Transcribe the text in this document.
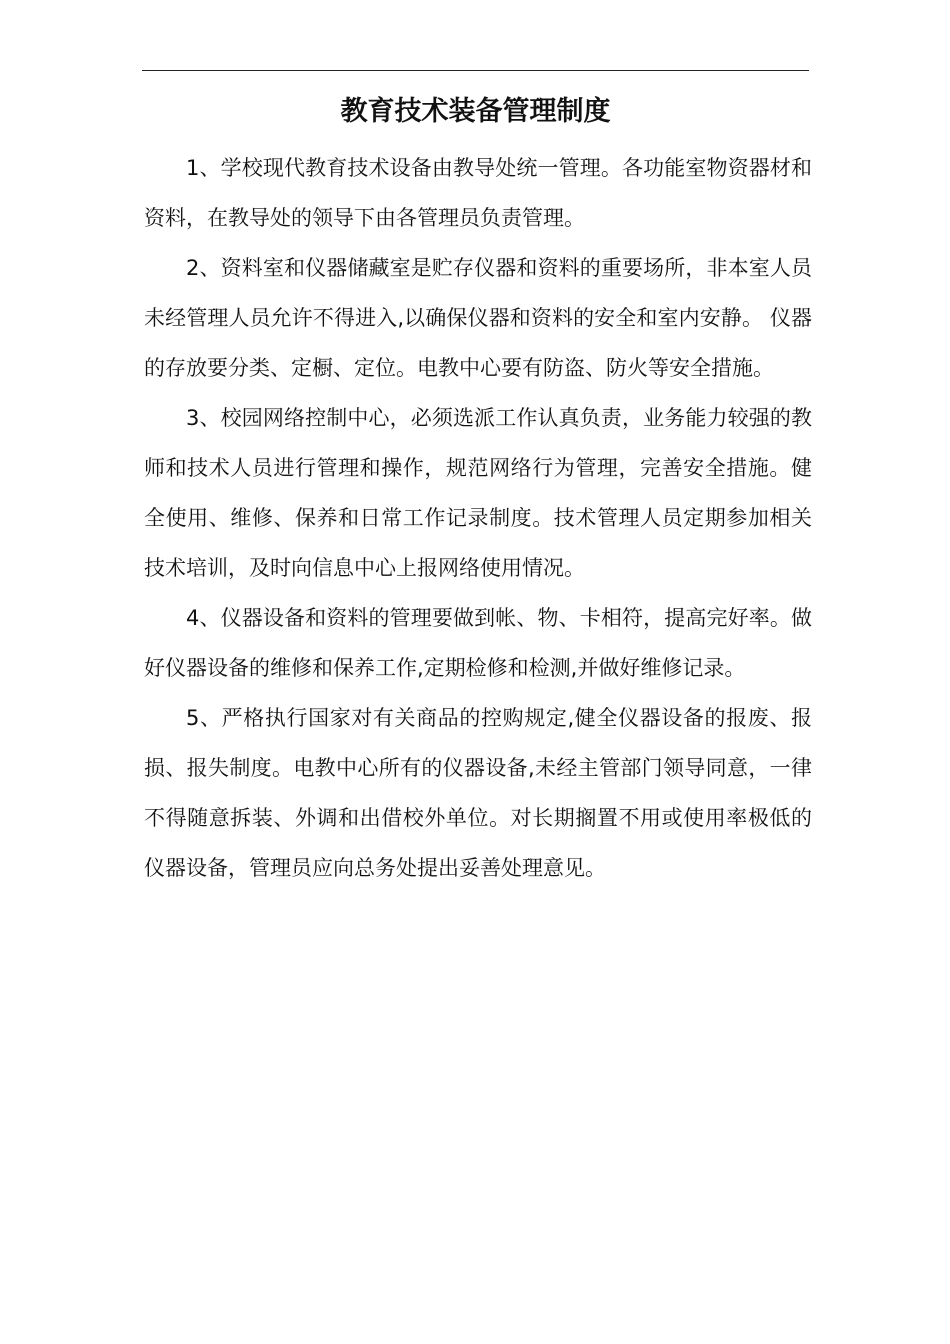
教育技术装备管理制度

1、学校现代教育技术设备由教导处统一管理。各功能室物资器材和资料，在教导处的领导下由各管理员负责管理。

2、资料室和仪器储藏室是贮存仪器和资料的重要场所，非本室人员未经管理人员允许不得进入,以确保仪器和资料的安全和室内安静。 仪器的存放要分类、定橱、定位。电教中心要有防盗、防火等安全措施。

3、校园网络控制中心，必须选派工作认真负责，业务能力较强的教师和技术人员进行管理和操作，规范网络行为管理，完善安全措施。健全使用、维修、保养和日常工作记录制度。技术管理人员定期参加相关技术培训，及时向信息中心上报网络使用情况。

4、仪器设备和资料的管理要做到帐、物、卡相符，提高完好率。做好仪器设备的维修和保养工作,定期检修和检测,并做好维修记录。

5、严格执行国家对有关商品的控购规定,健全仪器设备的报废、报损、报失制度。电教中心所有的仪器设备,未经主管部门领导同意，一律不得随意拆装、外调和出借校外单位。对长期搁置不用或使用率极低的仪器设备，管理员应向总务处提出妥善处理意见。
